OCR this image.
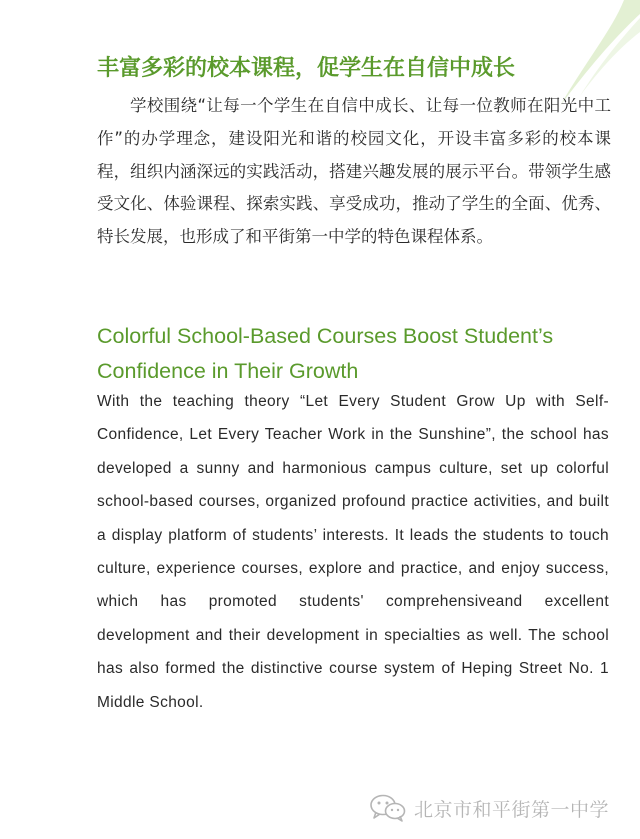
丰富多彩的校本课程，促学生在自信中成长

学校围绕“让每一个学生在自信中成长、让每一位教师在阳光中工作”的办学理念，建设阳光和谐的校园文化，开设丰富多彩的校本课程，组织内涵深远的实践活动，搭建兴趣发展的展示平台。带领学生感受文化、体验课程、探索实践、享受成功，推动了学生的全面、优秀、特长发展，也形成了和平街第一中学的特色课程体系。

Colorful School-Based Courses Boost Student’s Confidence in Their Growth

With the teaching theory “Let Every Student Grow Up with Self-Confidence, Let Every Teacher Work in the Sunshine”, the school has developed a sunny and harmonious campus culture, set up colorful school-based courses, organized profound practice activities, and built a display platform of students’ interests. It leads the students to touch culture, experience courses, explore and practice, and enjoy success, which has promoted students' comprehensiveand excellent development and their development in specialties as well. The school has also formed the distinctive course system of Heping Street No. 1 Middle School.

北京市和平街第一中学
